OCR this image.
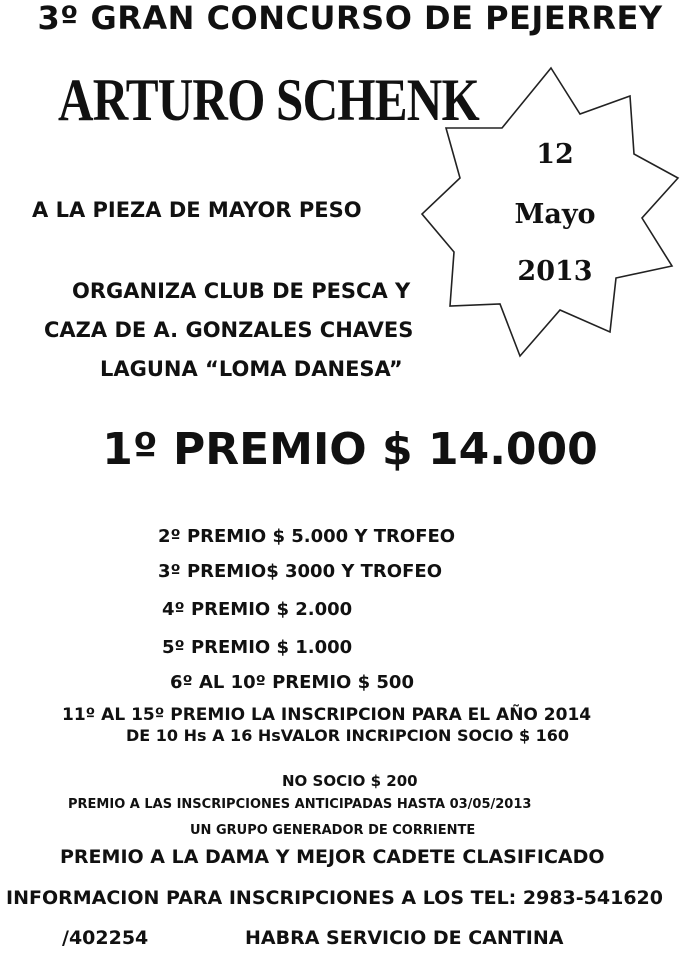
3º GRAN CONCURSO DE PEJERREY
ARTURO SCHENK
A LA PIEZA DE MAYOR PESO
12
Mayo
2013
ORGANIZA CLUB DE PESCA Y
CAZA DE A. GONZALES CHAVES
LAGUNA “LOMA DANESA”
1º PREMIO $ 14.000
2º PREMIO $ 5.000 Y TROFEO
3º PREMIO$ 3000 Y TROFEO
4º PREMIO $ 2.000
5º PREMIO $ 1.000
6º AL 10º PREMIO $ 500
11º AL 15º PREMIO LA INSCRIPCION PARA EL AÑO 2014
DE 10 Hs A 16 HsVALOR INCRIPCION SOCIO $ 160
NO SOCIO $ 200
PREMIO A LAS INSCRIPCIONES ANTICIPADAS HASTA 03/05/2013
UN GRUPO GENERADOR DE CORRIENTE
PREMIO A LA DAMA Y MEJOR CADETE CLASIFICADO
INFORMACION PARA INSCRIPCIONES A LOS TEL: 2983-541620
/402254	HABRA SERVICIO DE CANTINA
